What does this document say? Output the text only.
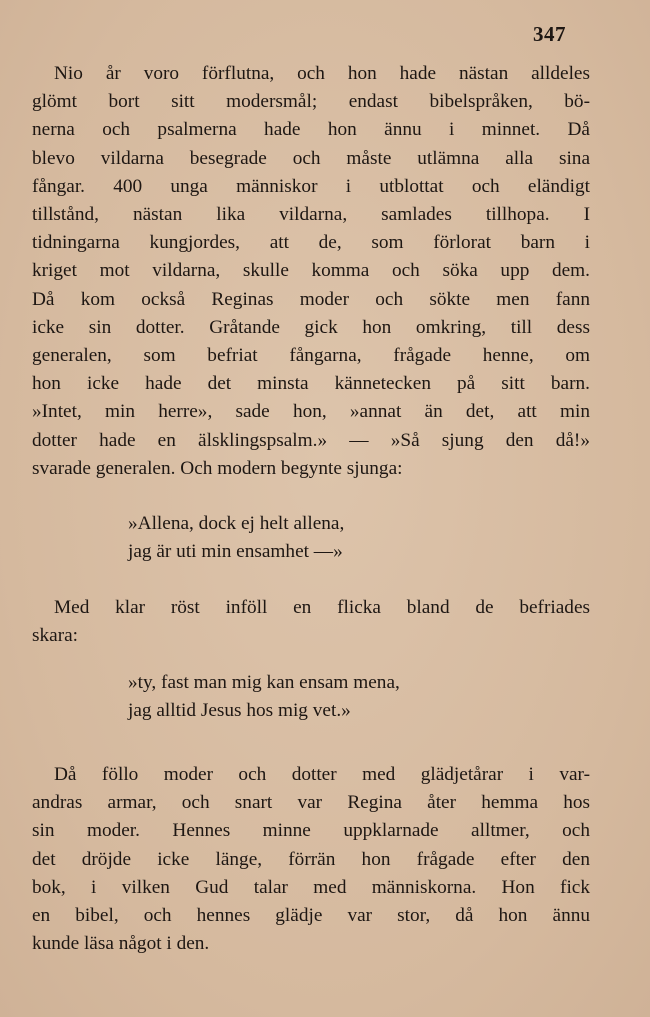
347
Nio år voro förflutna, och hon hade nästan alldeles
glömt bort sitt modersmål; endast bibelspråken, bö-
nerna och psalmerna hade hon ännu i minnet. Då
blevo vildarna besegrade och måste utlämna alla sina
fångar. 400 unga människor i utblottat och eländigt
tillstånd, nästan lika vildarna, samlades tillhopa. I
tidningarna kungjordes, att de, som förlorat barn i
kriget mot vildarna, skulle komma och söka upp dem.
Då kom också Reginas moder och sökte men fann
icke sin dotter. Gråtande gick hon omkring, till dess
generalen, som befriat fångarna, frågade henne, om
hon icke hade det minsta kännetecken på sitt barn.
»Intet, min herre», sade hon, »annat än det, att min
dotter hade en älsklingspsalm.» — »Så sjung den då!»
svarade generalen. Och modern begynte sjunga:
»Allena, dock ej helt allena,
jag är uti min ensamhet —»
Med klar röst inföll en flicka bland de befriades
skara:
»ty, fast man mig kan ensam mena,
jag alltid Jesus hos mig vet.»
Då föllo moder och dotter med glädjetårar i var-
andras armar, och snart var Regina åter hemma hos
sin moder. Hennes minne uppklarnade alltmer, och
det dröjde icke länge, förrän hon frågade efter den
bok, i vilken Gud talar med människorna. Hon fick
en bibel, och hennes glädje var stor, då hon ännu
kunde läsa något i den.
